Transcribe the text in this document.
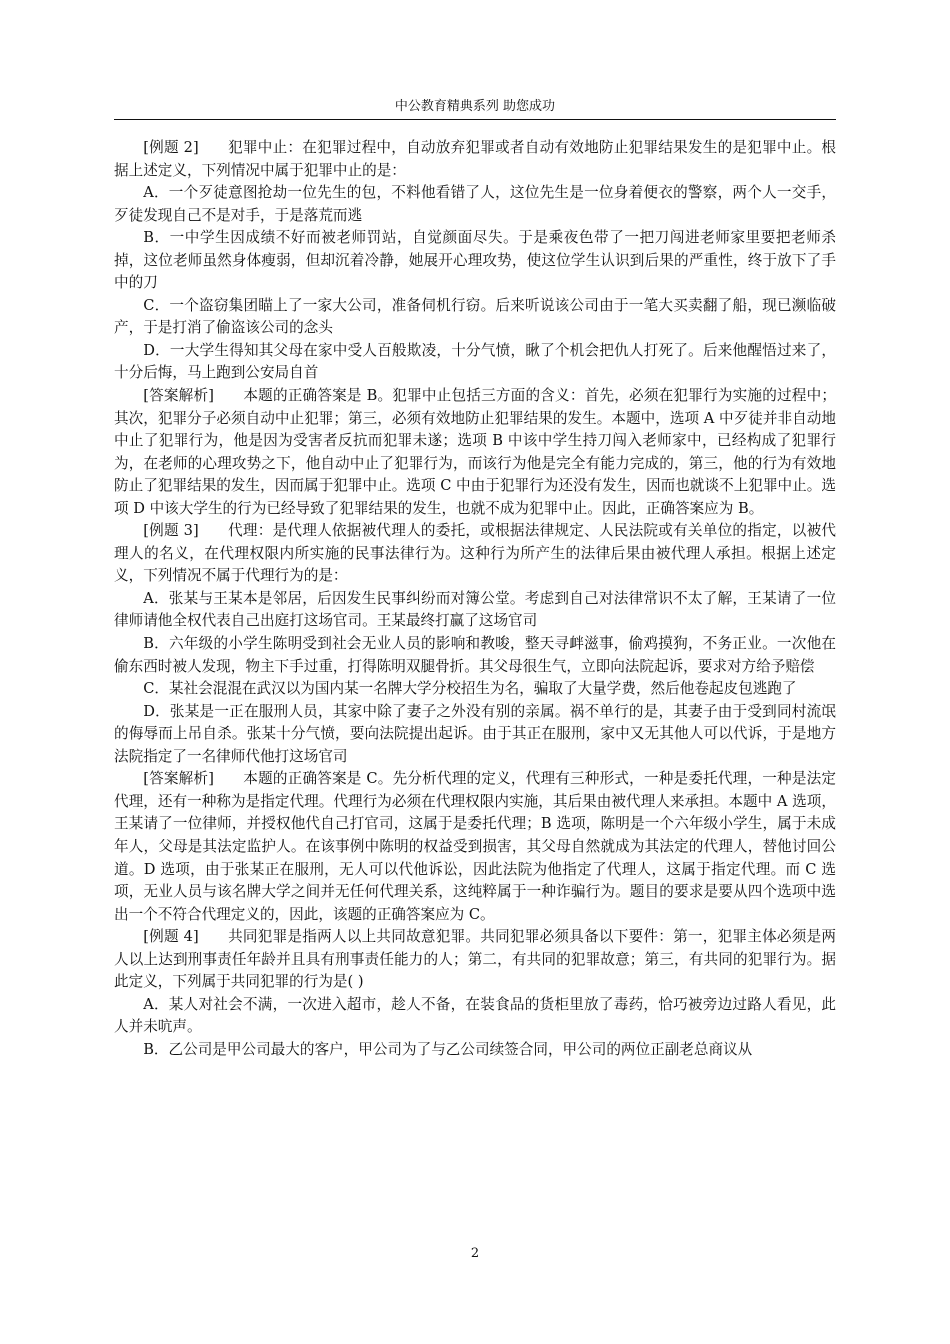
中公教育精典系列 助您成功

[例题 2] 犯罪中止：在犯罪过程中，自动放弃犯罪或者自动有效地防止犯罪结果发生的是犯罪中止。根据上述定义，下列情况中属于犯罪中止的是：

A．一个歹徒意图抢劫一位先生的包，不料他看错了人，这位先生是一位身着便衣的警察，两个人一交手，歹徒发现自己不是对手，于是落荒而逃

B．一中学生因成绩不好而被老师罚站，自觉颜面尽失。于是乘夜色带了一把刀闯进老师家里要把老师杀掉，这位老师虽然身体瘦弱，但却沉着冷静，她展开心理攻势，使这位学生认识到后果的严重性，终于放下了手中的刀

C．一个盗窃集团瞄上了一家大公司，准备伺机行窃。后来听说该公司由于一笔大买卖翻了船，现已濒临破产，于是打消了偷盗该公司的念头

D．一大学生得知其父母在家中受人百般欺凌，十分气愤，瞅了个机会把仇人打死了。后来他醒悟过来了，十分后悔，马上跑到公安局自首

[答案解析] 本题的正确答案是 B。犯罪中止包括三方面的含义：首先，必须在犯罪行为实施的过程中；其次，犯罪分子必须自动中止犯罪；第三，必须有效地防止犯罪结果的发生。本题中，选项 A 中歹徒并非自动地中止了犯罪行为，他是因为受害者反抗而犯罪未遂；选项 B 中该中学生持刀闯入老师家中，已经构成了犯罪行为，在老师的心理攻势之下，他自动中止了犯罪行为，而该行为他是完全有能力完成的，第三，他的行为有效地防止了犯罪结果的发生，因而属于犯罪中止。选项 C 中由于犯罪行为还没有发生，因而也就谈不上犯罪中止。选项 D 中该大学生的行为已经导致了犯罪结果的发生，也就不成为犯罪中止。因此，正确答案应为 B。

[例题 3] 代理：是代理人依据被代理人的委托，或根据法律规定、人民法院或有关单位的指定，以被代理人的名义，在代理权限内所实施的民事法律行为。这种行为所产生的法律后果由被代理人承担。根据上述定义，下列情况不属于代理行为的是：

A．张某与王某本是邻居，后因发生民事纠纷而对簿公堂。考虑到自己对法律常识不太了解，王某请了一位律师请他全权代表自己出庭打这场官司。王某最终打赢了这场官司

B．六年级的小学生陈明受到社会无业人员的影响和教唆，整天寻衅滋事，偷鸡摸狗，不务正业。一次他在偷东西时被人发现，物主下手过重，打得陈明双腿骨折。其父母很生气，立即向法院起诉，要求对方给予赔偿

C．某社会混混在武汉以为国内某一名牌大学分校招生为名，骗取了大量学费，然后他卷起皮包逃跑了

D．张某是一正在服刑人员，其家中除了妻子之外没有别的亲属。祸不单行的是，其妻子由于受到同村流氓的侮辱而上吊自杀。张某十分气愤，要向法院提出起诉。由于其正在服刑，家中又无其他人可以代诉，于是地方法院指定了一名律师代他打这场官司

[答案解析] 本题的正确答案是 C。先分析代理的定义，代理有三种形式，一种是委托代理，一种是法定代理，还有一种称为是指定代理。代理行为必须在代理权限内实施，其后果由被代理人来承担。本题中 A 选项，王某请了一位律师，并授权他代自己打官司，这属于是委托代理；B 选项，陈明是一个六年级小学生，属于未成年人，父母是其法定监护人。在该事例中陈明的权益受到损害，其父母自然就成为其法定的代理人，替他讨回公道。D 选项，由于张某正在服刑，无人可以代他诉讼，因此法院为他指定了代理人，这属于指定代理。而 C 选项，无业人员与该名牌大学之间并无任何代理关系，这纯粹属于一种诈骗行为。题目的要求是要从四个选项中选出一个不符合代理定义的，因此，该题的正确答案应为 C。

[例题 4] 共同犯罪是指两人以上共同故意犯罪。共同犯罪必须具备以下要件：第一，犯罪主体必须是两人以上达到刑事责任年龄并且具有刑事责任能力的人；第二，有共同的犯罪故意；第三，有共同的犯罪行为。据此定义，下列属于共同犯罪的行为是( )

A．某人对社会不满，一次进入超市，趁人不备，在装食品的货柜里放了毒药，恰巧被旁边过路人看见，此人并未吭声。

B．乙公司是甲公司最大的客户，甲公司为了与乙公司续签合同，甲公司的两位正副老总商议从

2
